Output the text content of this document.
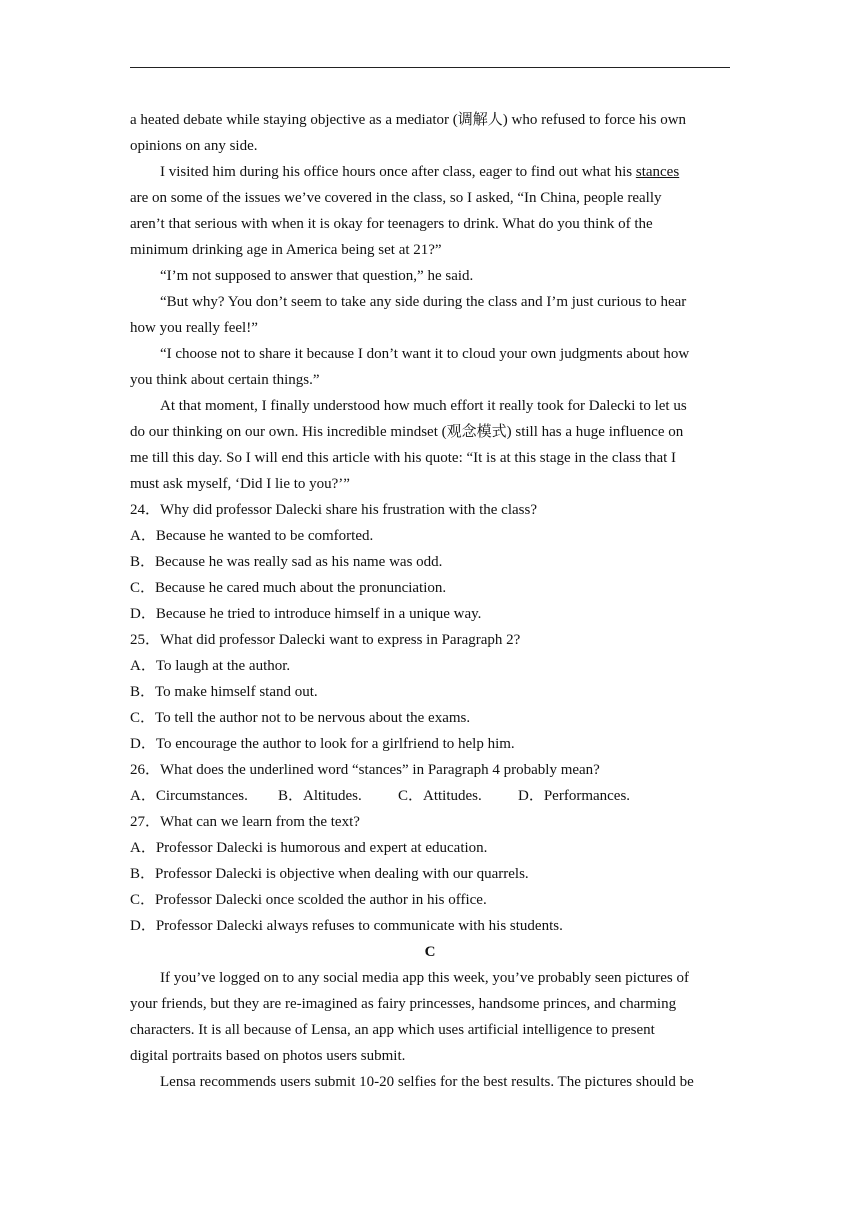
a heated debate while staying objective as a mediator (调解人) who refused to force his own
opinions on any side.
I visited him during his office hours once after class, eager to find out what his stances
are on some of the issues we’ve covered in the class, so I asked, “In China, people really
aren’t that serious with when it is okay for teenagers to drink. What do you think of the
minimum drinking age in America being set at 21?”
“I’m not supposed to answer that question,” he said.
“But why? You don’t seem to take any side during the class and I’m just curious to hear
how you really feel!”
“I choose not to share it because I don’t want it to cloud your own judgments about how
you think about certain things.”
At that moment, I finally understood how much effort it really took for Dalecki to let us
do our thinking on our own. His incredible mindset (观念模式) still has a huge influence on
me till this day. So I will end this article with his quote: “It is at this stage in the class that I
must ask myself, ‘Did I lie to you?’”
24．Why did professor Dalecki share his frustration with the class?
A．Because he wanted to be comforted.
B．Because he was really sad as his name was odd.
C．Because he cared much about the pronunciation.
D．Because he tried to introduce himself in a unique way.
25．What did professor Dalecki want to express in Paragraph 2?
A．To laugh at the author.
B．To make himself stand out.
C．To tell the author not to be nervous about the exams.
D．To encourage the author to look for a girlfriend to help him.
26．What does the underlined word “stances” in Paragraph 4 probably mean?
A．Circumstances. B．Altitudes. C．Attitudes. D．Performances.
27．What can we learn from the text?
A．Professor Dalecki is humorous and expert at education.
B．Professor Dalecki is objective when dealing with our quarrels.
C．Professor Dalecki once scolded the author in his office.
D．Professor Dalecki always refuses to communicate with his students.
C
If you’ve logged on to any social media app this week, you’ve probably seen pictures of
your friends, but they are re-imagined as fairy princesses, handsome princes, and charming
characters. It is all because of Lensa, an app which uses artificial intelligence to present
digital portraits based on photos users submit.
Lensa recommends users submit 10-20 selfies for the best results. The pictures should be
